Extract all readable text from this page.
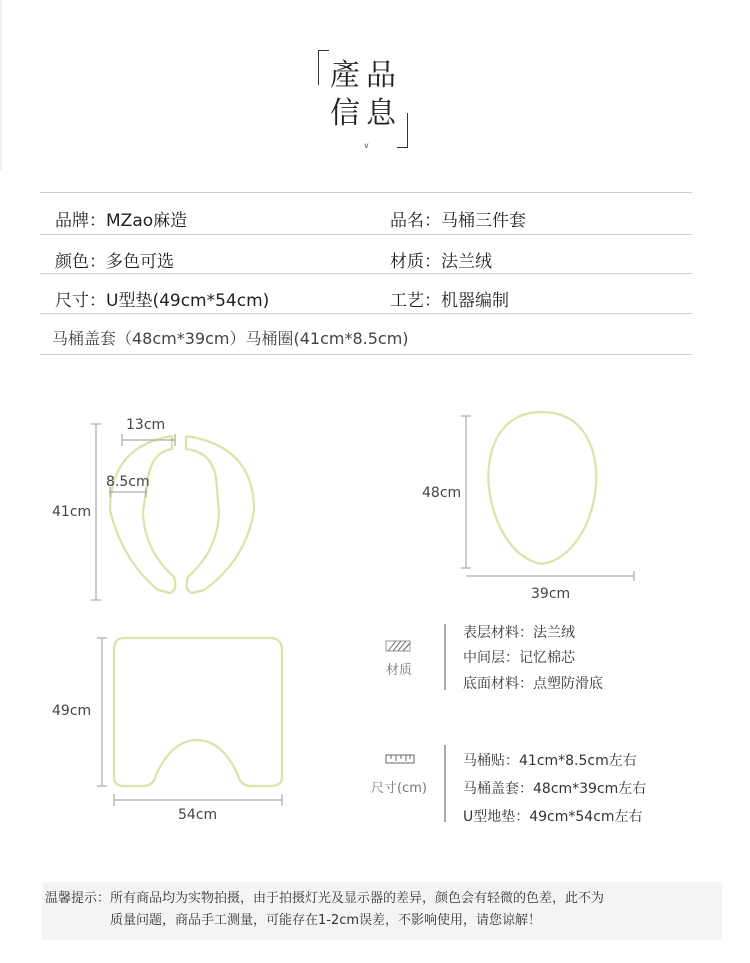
產品
信息
v
品牌：MZao麻造	品名：马桶三件套
颜色：多色可选	材质：法兰绒
尺寸：U型垫(49cm*54cm)	工艺：机器编制
马桶盖套（48cm*39cm）马桶圈(41cm*8.5cm)
13cm
8.5cm
41cm
48cm
39cm
49cm
54cm
材质
表层材料：法兰绒
中间层：记忆棉芯
底面材料：点塑防滑底
尺寸(cm)
马桶贴：41cm*8.5cm左右
马桶盖套：48cm*39cm左右
U型地垫：49cm*54cm左右
温馨提示：所有商品均为实物拍摄，由于拍摄灯光及显示器的差异，颜色会有轻微的色差，此不为
质量问题，商品手工测量，可能存在1-2cm误差，不影响使用，请您谅解！
